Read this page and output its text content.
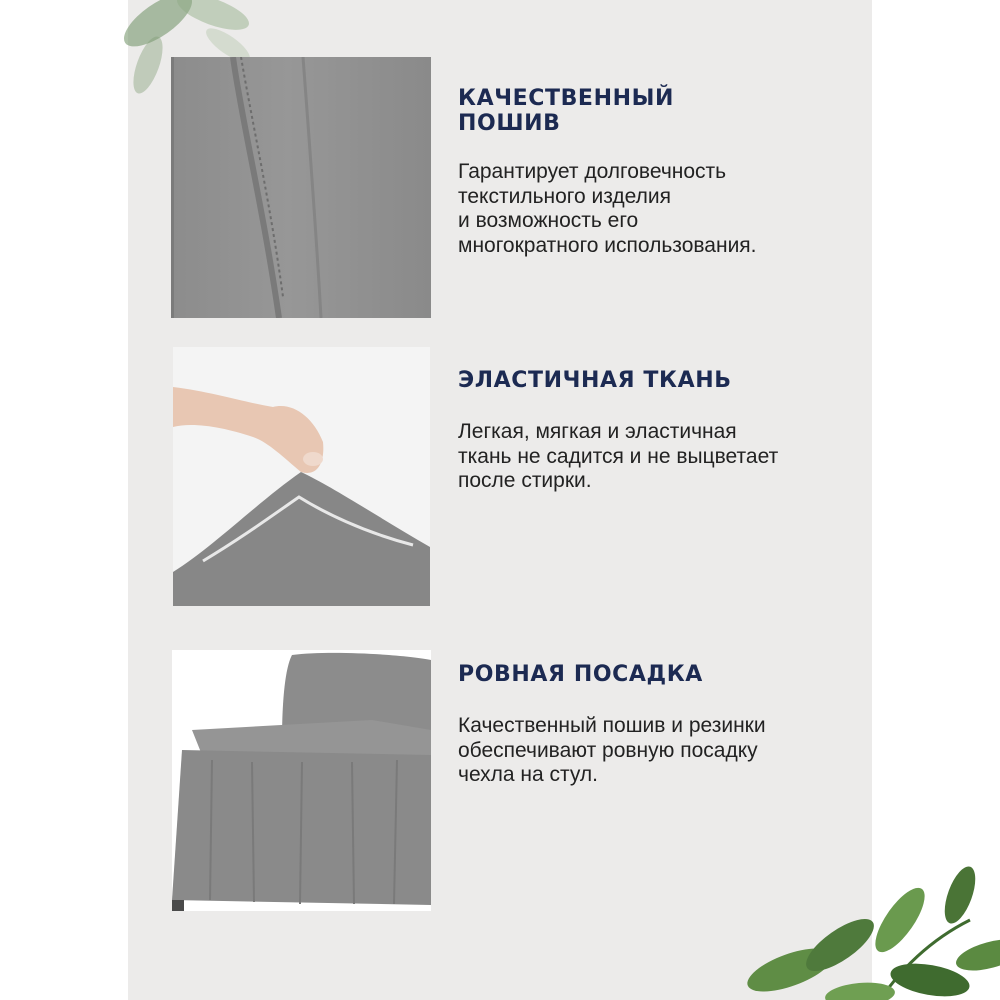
КАЧЕСТВЕННЫЙ
ПОШИВ

Гарантирует долговечность
текстильного изделия
и возможность его
многократного использования.

ЭЛАСТИЧНАЯ ТКАНЬ

Легкая, мягкая и эластичная
ткань не садится и не выцветает
после стирки.

РОВНАЯ ПОСАДКА

Качественный пошив и резинки
обеспечивают ровную посадку
чехла на стул.
